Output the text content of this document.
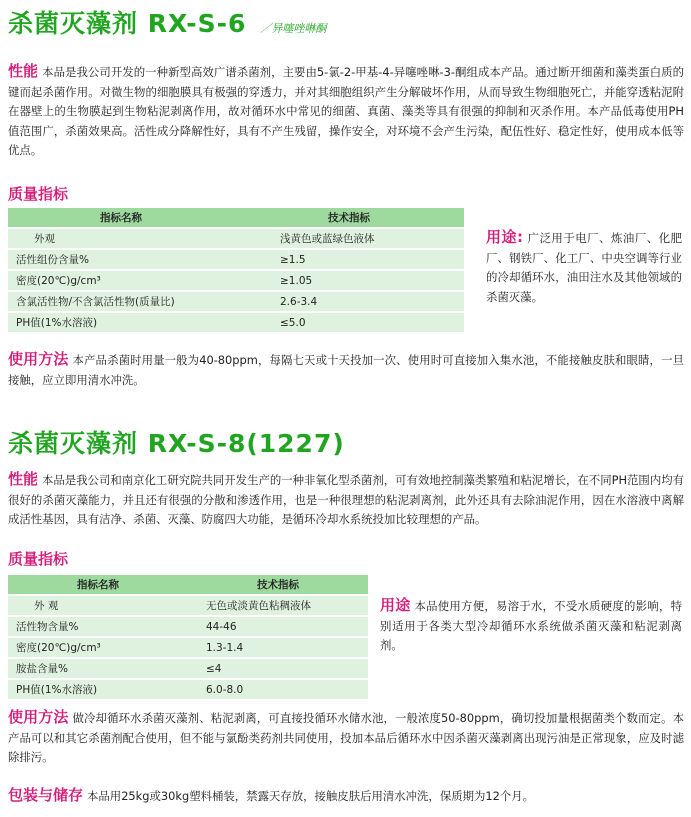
杀菌灭藻剂 RX-S-6 ／异噻唑啉酮
性能 本品是我公司开发的一种新型高效广谱杀菌剂，主要由5-氯-2-甲基-4-异噻唑啉-3-酮组成本产品。通过断开细菌和藻类蛋白质的键而起杀菌作用。对微生物的细胞膜具有极强的穿透力，并对其细胞组织产生分解破坏作用，从而导致生物细胞死亡，并能穿透粘泥附在器壁上的生物膜起到生物粘泥剥离作用，故对循环水中常见的细菌、真菌、藻类等具有很强的抑制和灭杀作用。本产品低毒使用PH值范围广，杀菌效果高。活性成分降解性好，具有不产生残留，操作安全，对环境不会产生污染，配伍性好、稳定性好，使用成本低等优点。
质量指标
指标名称	技术指标
外观	浅黄色或蓝绿色液体
活性组份含量%	≥1.5
密度(20℃)g/cm³	≥1.05
含氯活性物/不含氯活性物(质量比)	2.6-3.4
PH值(1%水溶液)	≤5.0
用途: 广泛用于电厂、炼油厂、化肥厂、钢铁厂、化工厂、中央空调等行业的冷却循环水，油田注水及其他领域的杀菌灭藻。
使用方法 本产品杀菌时用量一般为40-80ppm，每隔七天或十天投加一次、使用时可直接加入集水池，不能接触皮肤和眼睛，一旦接触，应立即用清水冲洗。
杀菌灭藻剂 RX-S-8(1227)
性能 本品是我公司和南京化工研究院共同开发生产的一种非氧化型杀菌剂，可有效地控制藻类繁殖和粘泥增长，在不同PH范围内均有很好的杀菌灭藻能力，并且还有很强的分散和渗透作用，也是一种很理想的粘泥剥离剂，此外还具有去除油泥作用，因在水溶液中离解成活性基因，具有洁净、杀菌、灭藻、防腐四大功能，是循环冷却水系统投加比较理想的产品。
质量指标
指标名称	技术指标
外 观	无色或淡黄色粘稠液体
活性物含量%	44-46
密度(20℃)g/cm³	1.3-1.4
胺盐含量%	≤4
PH值(1%水溶液)	6.0-8.0
用途 本品使用方便，易溶于水，不受水质硬度的影响，特别适用于各类大型冷却循环水系统做杀菌灭藻和粘泥剥离剂。
使用方法 做冷却循环水杀菌灭藻剂、粘泥剥离，可直接投循环水储水池，一般浓度50-80ppm，确切投加量根据菌类个数而定。本产品可以和其它杀菌剂配合使用，但不能与氯酚类药剂共同使用，投加本品后循环水中因杀菌灭藻剥离出现污油是正常现象，应及时滤除排污。
包装与储存 本品用25kg或30kg塑料桶装，禁露天存放，接触皮肤后用清水冲洗，保质期为12个月。
